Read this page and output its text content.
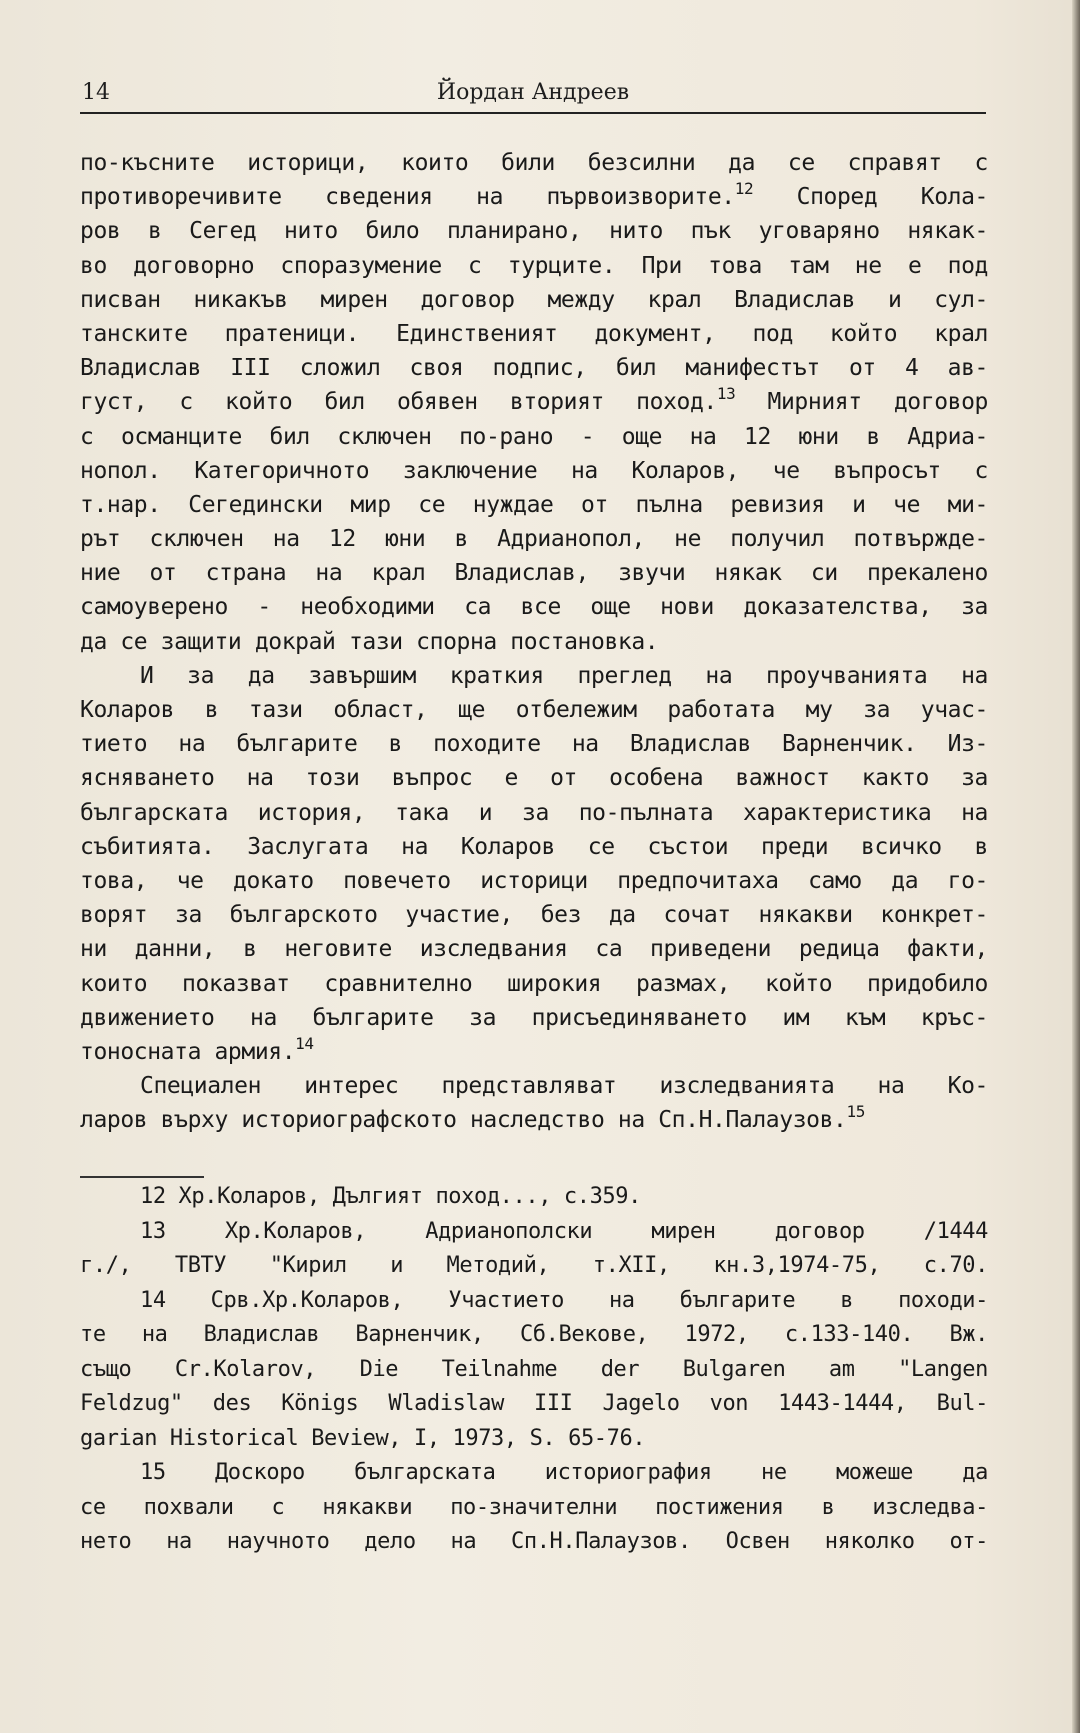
14	Йордан Андреев
по-късните историци, които били безсилни да се справят с
противоречивите сведения на първоизворите.$^{12}$ Според Кола-
ров в Сегед нито било планирано, нито пък уговаряно някак-
во договорно споразумение с турците. При това там не е под
писван никакъв мирен договор между крал Владислав и сул-
танските пратеници. Единственият документ, под който крал
Владислав III сложил своя подпис, бил манифестът от 4 ав-
густ, с който бил обявен вторият поход.$^{13}$ Мирният договор
с османците бил сключен по-рано - още на 12 юни в Адриа-
нопол. Категоричното заключение на Коларов, че въпросът с
т.нар. Сегедински мир се нуждае от пълна ревизия и че ми-
рът сключен на 12 юни в Адрианопол, не получил потвържде-
ние от страна на крал Владислав, звучи някак си прекалено
самоуверено - необходими са все още нови доказателства, за
да се защити докрай тази спорна постановка.
И за да завършим краткия преглед на проучванията на
Коларов в тази област, ще отбележим работата му за учас-
тието на българите в походите на Владислав Варненчик. Из-
ясняването на този въпрос е от особена важност както за
българската история, така и за по-пълната характеристика на
събитията. Заслугата на Коларов се състои преди всичко в
това, че докато повечето историци предпочитаха само да го-
ворят за българското участие, без да сочат някакви конкрет-
ни данни, в неговите изследвания са приведени редица факти,
които показват сравнително широкия размах, който придобило
движението на българите за присъединяването им към кръс-
тоносната армия.$^{14}$
Специален интерес представляват изследванията на Ко-
ларов върху историографското наследство на Сп.Н.Палаузов.$^{15}$
12 Хр.Коларов, Дългият поход..., с.359.
13 Хр.Коларов, Адрианополски мирен договор /1444
г./, ТВТУ "Кирил и Методий, т.XII, кн.3,1974-75, с.70.
14 Срв.Хр.Коларов, Участието на българите в походи-
те на Владислав Варненчик, Сб.Векове, 1972, с.133-140. Вж.
също Cr.Kolarov, Die Teilnahme der Bulgaren am "Langen
Feldzug" des Königs Wladislaw III Jagelo von 1443-1444, Bul-
garian Historical Beview, I, 1973, S. 65-76.
15 Доскоро българската историография не можеше да
се похвали с някакви по-значителни постижения в изследва-
нето на научното дело на Сп.Н.Палаузов. Освен няколко от-
